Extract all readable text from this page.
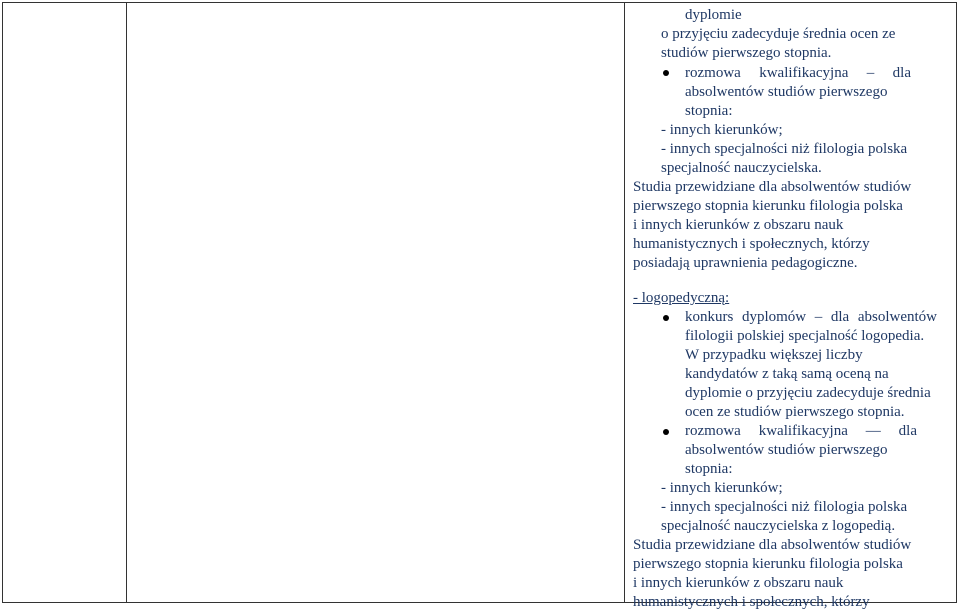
dyplomie
o przyjęciu zadecyduje średnia ocen ze
studiów pierwszego stopnia.
rozmowa kwalifikacyjna – dla
absolwentów studiów pierwszego
stopnia:
- innych kierunków;
- innych specjalności niż filologia polska
specjalność nauczycielska.
Studia przewidziane dla absolwentów studiów
pierwszego stopnia kierunku filologia polska
i innych kierunków z obszaru nauk
humanistycznych i społecznych, którzy
posiadają uprawnienia pedagogiczne.
- logopedyczną:
konkurs dyplomów – dla absolwentów
filologii polskiej specjalność logopedia.
W przypadku większej liczby
kandydatów z taką samą oceną na
dyplomie o przyjęciu zadecyduje średnia
ocen ze studiów pierwszego stopnia.
rozmowa kwalifikacyjna — dla
absolwentów studiów pierwszego
stopnia:
- innych kierunków;
- innych specjalności niż filologia polska
specjalność nauczycielska z logopedią.
Studia przewidziane dla absolwentów studiów
pierwszego stopnia kierunku filologia polska
i innych kierunków z obszaru nauk
humanistycznych i społecznych, którzy
